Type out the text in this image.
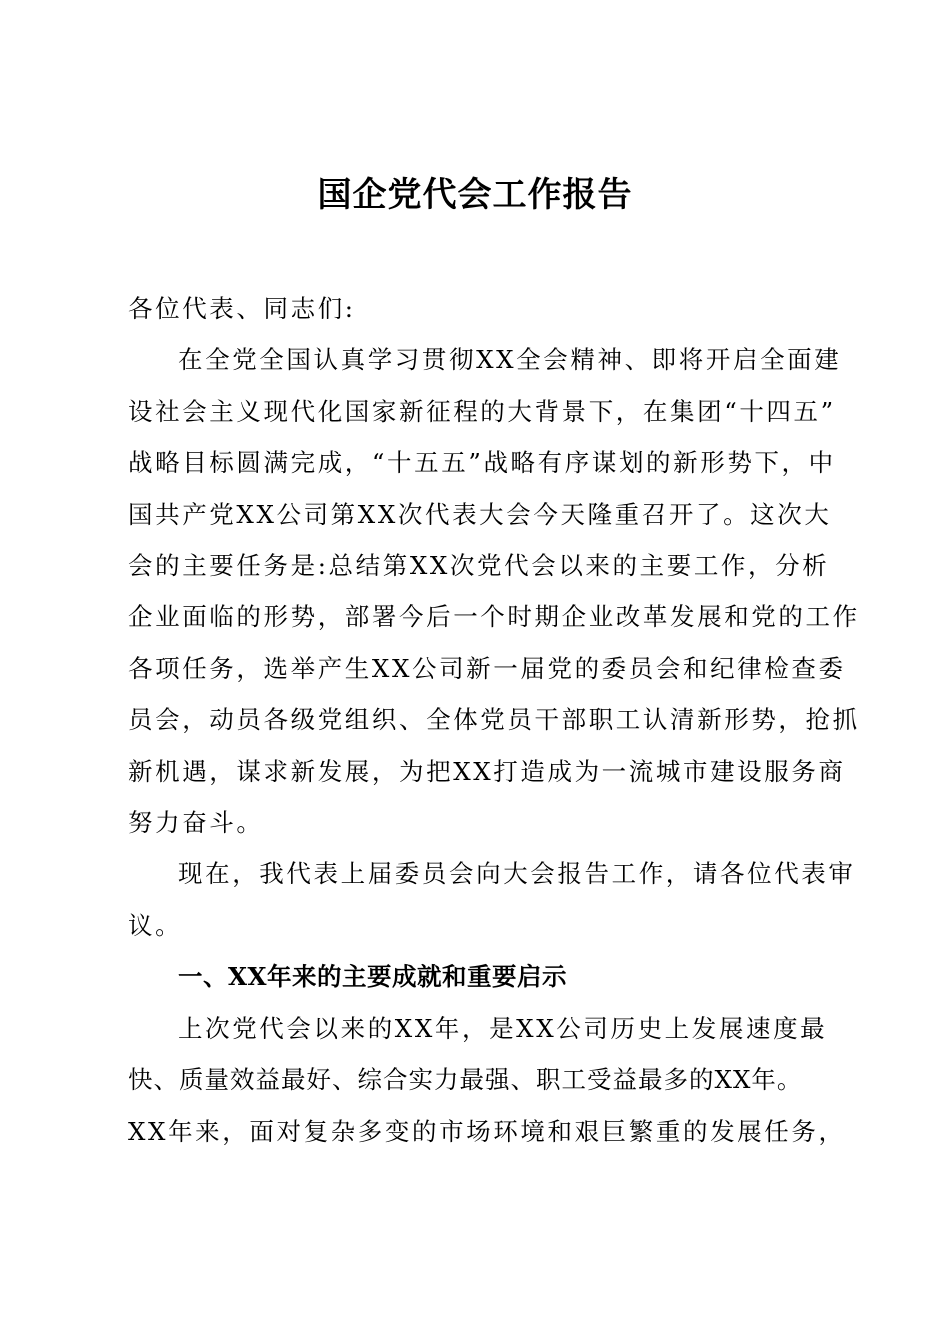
国企党代会工作报告
各位代表、同志们:
在全党全国认真学习贯彻XX全会精神、即将开启全面建
设社会主义现代化国家新征程的大背景下，在集团“十四五”
战略目标圆满完成，“十五五”战略有序谋划的新形势下，中
国共产党XX公司第XX次代表大会今天隆重召开了。这次大
会的主要任务是:总结第XX次党代会以来的主要工作，分析
企业面临的形势，部署今后一个时期企业改革发展和党的工作
各项任务，选举产生XX公司新一届党的委员会和纪律检查委
员会，动员各级党组织、全体党员干部职工认清新形势，抢抓
新机遇，谋求新发展，为把XX打造成为一流城市建设服务商
努力奋斗。
现在，我代表上届委员会向大会报告工作，请各位代表审
议。
一、XX年来的主要成就和重要启示
上次党代会以来的XX年，是XX公司历史上发展速度最
快、质量效益最好、综合实力最强、职工受益最多的XX年。
XX年来，面对复杂多变的市场环境和艰巨繁重的发展任务，
